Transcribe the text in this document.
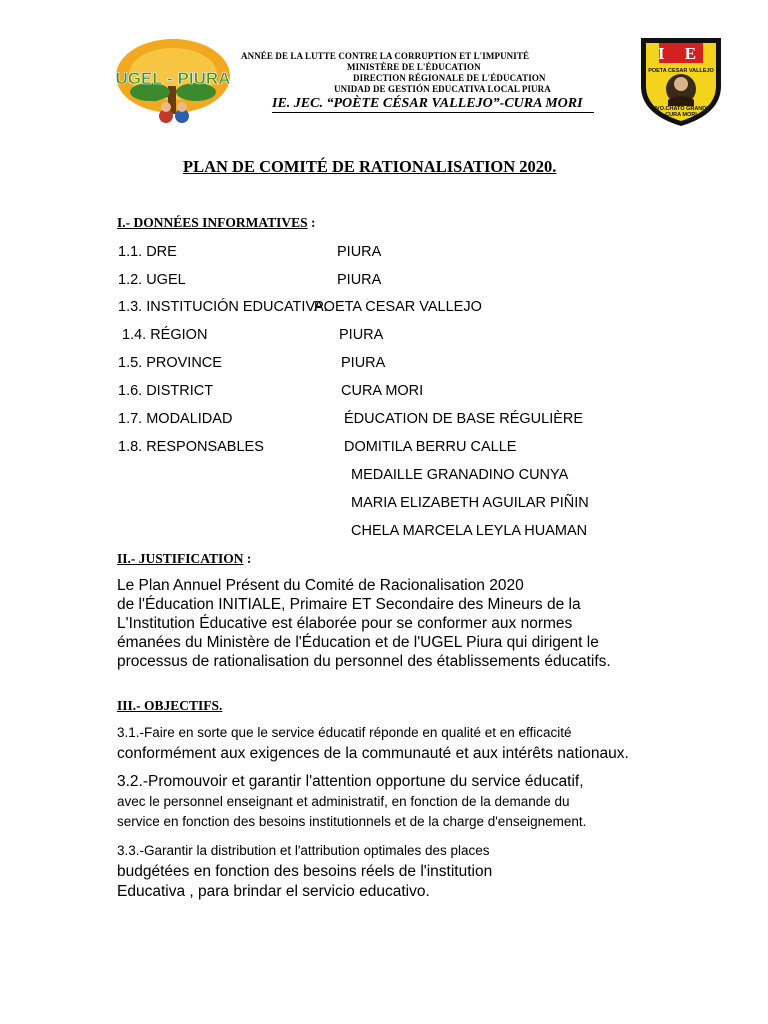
UGEL - PIURA
I E
POETA CESAR VALLEJO
NVO.CHATO GRANDE
CURA MORI
ANNÉE DE LA LUTTE CONTRE LA CORRUPTION ET L'IMPUNITÉ
MINISTÈRE DE L'ÉDUCATION
DIRECTION RÉGIONALE DE L'ÉDUCATION
UNIDAD DE GESTIÓN EDUCATIVA LOCAL PIURA
IE. JEC. “POÈTE CÉSAR VALLEJO”-CURA MORI
PLAN DE COMITÉ DE RATIONALISATION 2020.
I.- DONNÉES INFORMATIVES :
1.1. DRE	PIURA
1.2. UGEL	PIURA
1.3. INSTITUCIÓN EDUCATIVA:
POETA CESAR VALLEJO
1.4. RÉGION	PIURA
1.5. PROVINCE	PIURA
1.6. DISTRICT	CURA MORI
1.7. MODALIDAD	ÉDUCATION DE BASE RÉGULIÈRE
1.8. RESPONSABLES	DOMITILA BERRU CALLE
MEDAILLE GRANADINO CUNYA
MARIA ELIZABETH AGUILAR PIÑIN
CHELA MARCELA LEYLA HUAMAN
II.- JUSTIFICATION :
Le Plan Annuel Présent du Comité de Racionalisation 2020
de l'Éducation INITIALE, Primaire ET Secondaire des Mineurs de la
L'Institution Éducative est élaborée pour se conformer aux normes
émanées du Ministère de l'Éducation et de l'UGEL Piura qui dirigent le
processus de rationalisation du personnel des établissements éducatifs.
III.- OBJECTIFS.
3.1.-Faire en sorte que le service éducatif réponde en qualité et en efficacité
conformément aux exigences de la communauté et aux intérêts nationaux.
3.2.-Promouvoir et garantir l'attention opportune du service éducatif,
avec le personnel enseignant et administratif, en fonction de la demande du
service en fonction des besoins institutionnels et de la charge d'enseignement.
3.3.-Garantir la distribution et l'attribution optimales des places
budgétées en fonction des besoins réels de l'institution
Educativa , para brindar el servicio educativo.
